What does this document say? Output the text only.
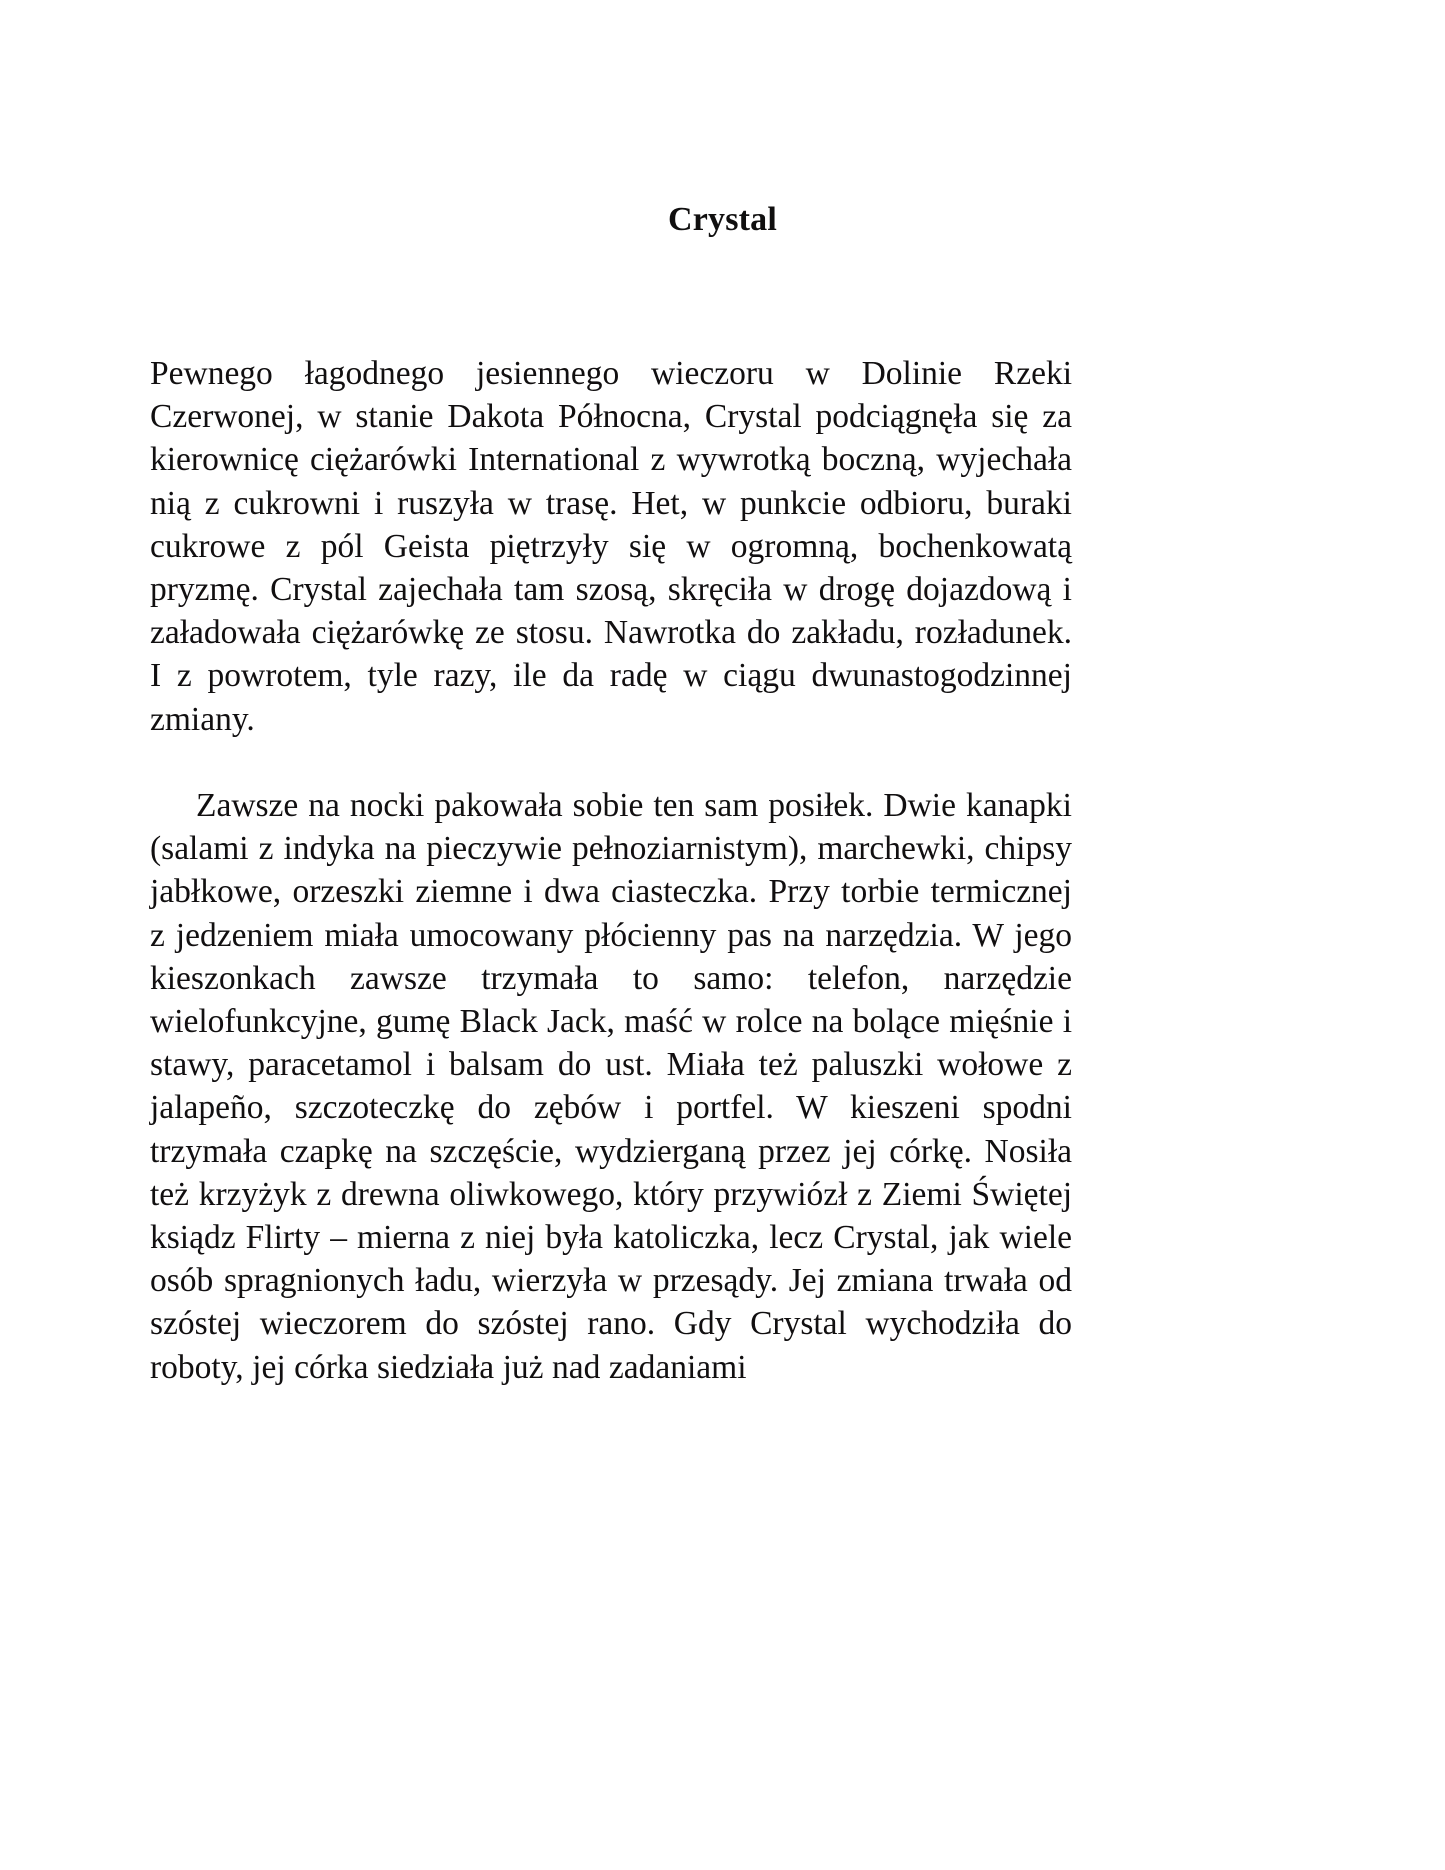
Crystal

Pewnego łagodnego jesiennego wieczoru w Dolinie Rzeki Czerwonej, w stanie Dakota Północna, Crystal podciągnęła się za kierownicę ciężarówki International z wywrotką boczną, wyjechała nią z cukrowni i ruszyła w trasę. Het, w punkcie odbioru, buraki cukrowe z pól Geista piętrzyły się w ogromną, bochenkowatą pryzmę. Crystal zajechała tam szosą, skręciła w drogę dojazdową i załadowała ciężarówkę ze stosu. Nawrotka do zakładu, rozładunek. I z powrotem, tyle razy, ile da radę w ciągu dwunastogodzinnej zmiany.

Zawsze na nocki pakowała sobie ten sam posiłek. Dwie kanapki (salami z indyka na pieczywie pełnoziarnistym), marchewki, chipsy jabłkowe, orzeszki ziemne i dwa ciasteczka. Przy torbie termicznej z jedzeniem miała umocowany płócienny pas na narzędzia. W jego kieszonkach zawsze trzymała to samo: telefon, narzędzie wielofunkcyjne, gumę Black Jack, maść w rolce na bolące mięśnie i stawy, paracetamol i balsam do ust. Miała też paluszki wołowe z jalapeño, szczoteczkę do zębów i portfel. W kieszeni spodni trzymała czapkę na szczęście, wydzierganą przez jej córkę. Nosiła też krzyżyk z drewna oliwkowego, który przywiózł z Ziemi Świętej ksiądz Flirty – mierna z niej była katoliczka, lecz Crystal, jak wiele osób spragnionych ładu, wierzyła w przesądy. Jej zmiana trwała od szóstej wieczorem do szóstej rano. Gdy Crystal wychodziła do roboty, jej córka siedziała już nad zadaniami
